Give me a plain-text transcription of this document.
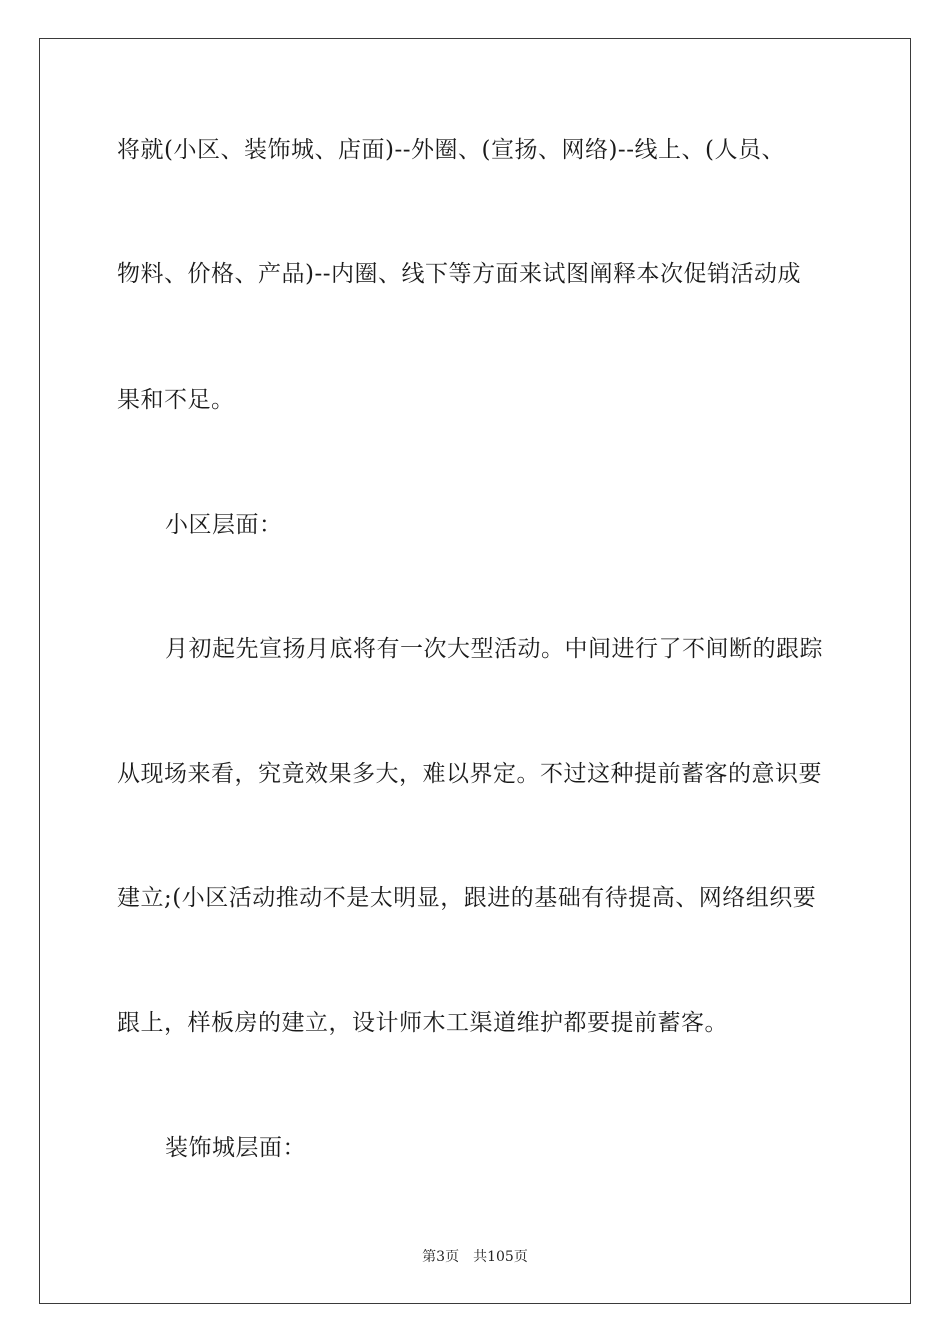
将就(小区、装饰城、店面)--外圈、(宣扬、网络)--线上、(人员、
物料、价格、产品)--内圈、线下等方面来试图阐释本次促销活动成
果和不足。
小区层面：
月初起先宣扬月底将有一次大型活动。中间进行了不间断的跟踪
从现场来看，究竟效果多大，难以界定。不过这种提前蓄客的意识要
建立;(小区活动推动不是太明显，跟进的基础有待提高、网络组织要
跟上，样板房的建立，设计师木工渠道维护都要提前蓄客。
装饰城层面：
第3页 共105页
